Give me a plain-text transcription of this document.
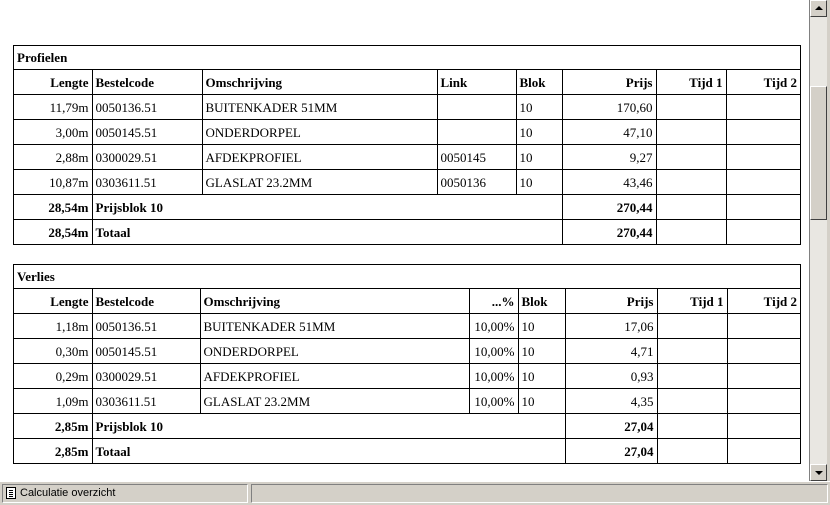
Profielen
Lengte	Bestelcode	Omschrijving	Link	Blok	Prijs	Tijd 1	Tijd 2
11,79m	0050136.51	BUITENKADER 51MM		10	170,60		
3,00m	0050145.51	ONDERDORPEL		10	47,10		
2,88m	0300029.51	AFDEKPROFIEL	0050145	10	9,27		
10,87m	0303611.51	GLASLAT 23.2MM	0050136	10	43,46		
28,54m	Prijsblok 10				270,44		
28,54m	Totaal				270,44		
Verlies
Lengte	Bestelcode	Omschrijving	...%	Blok	Prijs	Tijd 1	Tijd 2
1,18m	0050136.51	BUITENKADER 51MM	10,00%	10	17,06		
0,30m	0050145.51	ONDERDORPEL	10,00%	10	4,71		
0,29m	0300029.51	AFDEKPROFIEL	10,00%	10	0,93		
1,09m	0303611.51	GLASLAT 23.2MM	10,00%	10	4,35		
2,85m	Prijsblok 10				27,04		
2,85m	Totaal				27,04		
Calculatie overzicht
